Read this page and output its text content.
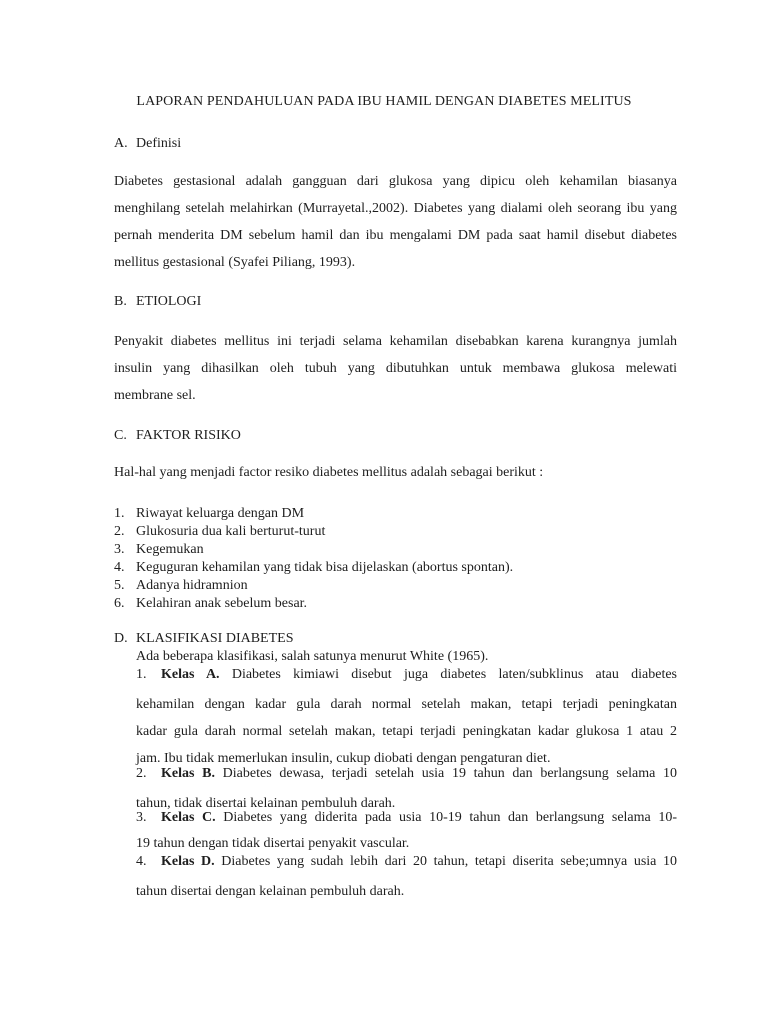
LAPORAN PENDAHULUAN PADA IBU HAMIL DENGAN DIABETES MELITUS
A. Definisi
Diabetes gestasional adalah gangguan dari glukosa yang dipicu oleh kehamilan biasanya
menghilang setelah melahirkan (Murrayetal.,2002). Diabetes yang dialami oleh seorang ibu yang
pernah menderita DM sebelum hamil dan ibu mengalami DM pada saat hamil disebut diabetes
mellitus gestasional (Syafei Piliang, 1993).
B. ETIOLOGI
Penyakit diabetes mellitus ini terjadi selama kehamilan disebabkan karena kurangnya jumlah
insulin yang dihasilkan oleh tubuh yang dibutuhkan untuk membawa glukosa melewati
membrane sel.
C. FAKTOR RISIKO
Hal-hal yang menjadi factor resiko diabetes mellitus adalah sebagai berikut :
1. Riwayat keluarga dengan DM
2. Glukosuria dua kali berturut-turut
3. Kegemukan
4. Keguguran kehamilan yang tidak bisa dijelaskan (abortus spontan).
5. Adanya hidramnion
6. Kelahiran anak sebelum besar.
D. KLASIFIKASI DIABETES
Ada beberapa klasifikasi, salah satunya menurut White (1965).
1. Kelas A. Diabetes kimiawi disebut juga diabetes laten/subklinus atau diabetes
kehamilan dengan kadar gula darah normal setelah makan, tetapi terjadi peningkatan
kadar gula darah normal setelah makan, tetapi terjadi peningkatan kadar glukosa 1 atau 2
jam. Ibu tidak memerlukan insulin, cukup diobati dengan pengaturan diet.
2. Kelas B. Diabetes dewasa, terjadi setelah usia 19 tahun dan berlangsung selama 10
tahun, tidak disertai kelainan pembuluh darah.
3. Kelas C. Diabetes yang diderita pada usia 10-19 tahun dan berlangsung selama 10-
19 tahun dengan tidak disertai penyakit vascular.
4. Kelas D. Diabetes yang sudah lebih dari 20 tahun, tetapi diserita sebe;umnya usia 10
tahun disertai dengan kelainan pembuluh darah.
